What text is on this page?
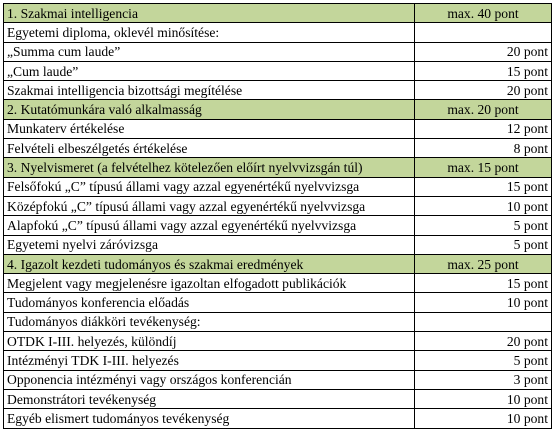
1. Szakmai intelligencia	max. 40 pont
Egyetemi diploma, oklevél minősítése:	
„Summa cum laude”	20 pont
„Cum laude”	15 pont
Szakmai intelligencia bizottsági megítélése	20 pont
2. Kutatómunkára való alkalmasság	max. 20 pont
Munkaterv értékelése	12 pont
Felvételi elbeszélgetés értékelése	8 pont
3. Nyelvismeret (a felvételhez kötelezően előírt nyelvvizsgán túl)	max. 15 pont
Felsőfokú „C” típusú állami vagy azzal egyenértékű nyelvvizsga	15 pont
Középfokú „C” típusú állami vagy azzal egyenértékű nyelvvizsga	10 pont
Alapfokú „C” típusú állami vagy azzal egyenértékű nyelvvizsga	5 pont
Egyetemi nyelvi záróvizsga	5 pont
4. Igazolt kezdeti tudományos és szakmai eredmények	max. 25 pont
Megjelent vagy megjelenésre igazoltan elfogadott publikációk	15 pont
Tudományos konferencia előadás	10 pont
Tudományos diákköri tevékenység:	
OTDK I-III. helyezés, különdíj	20 pont
Intézményi TDK I-III. helyezés	5 pont
Opponencia intézményi vagy országos konferencián	3 pont
Demonstrátori tevékenység	10 pont
Egyéb elismert tudományos tevékenység	10 pont
